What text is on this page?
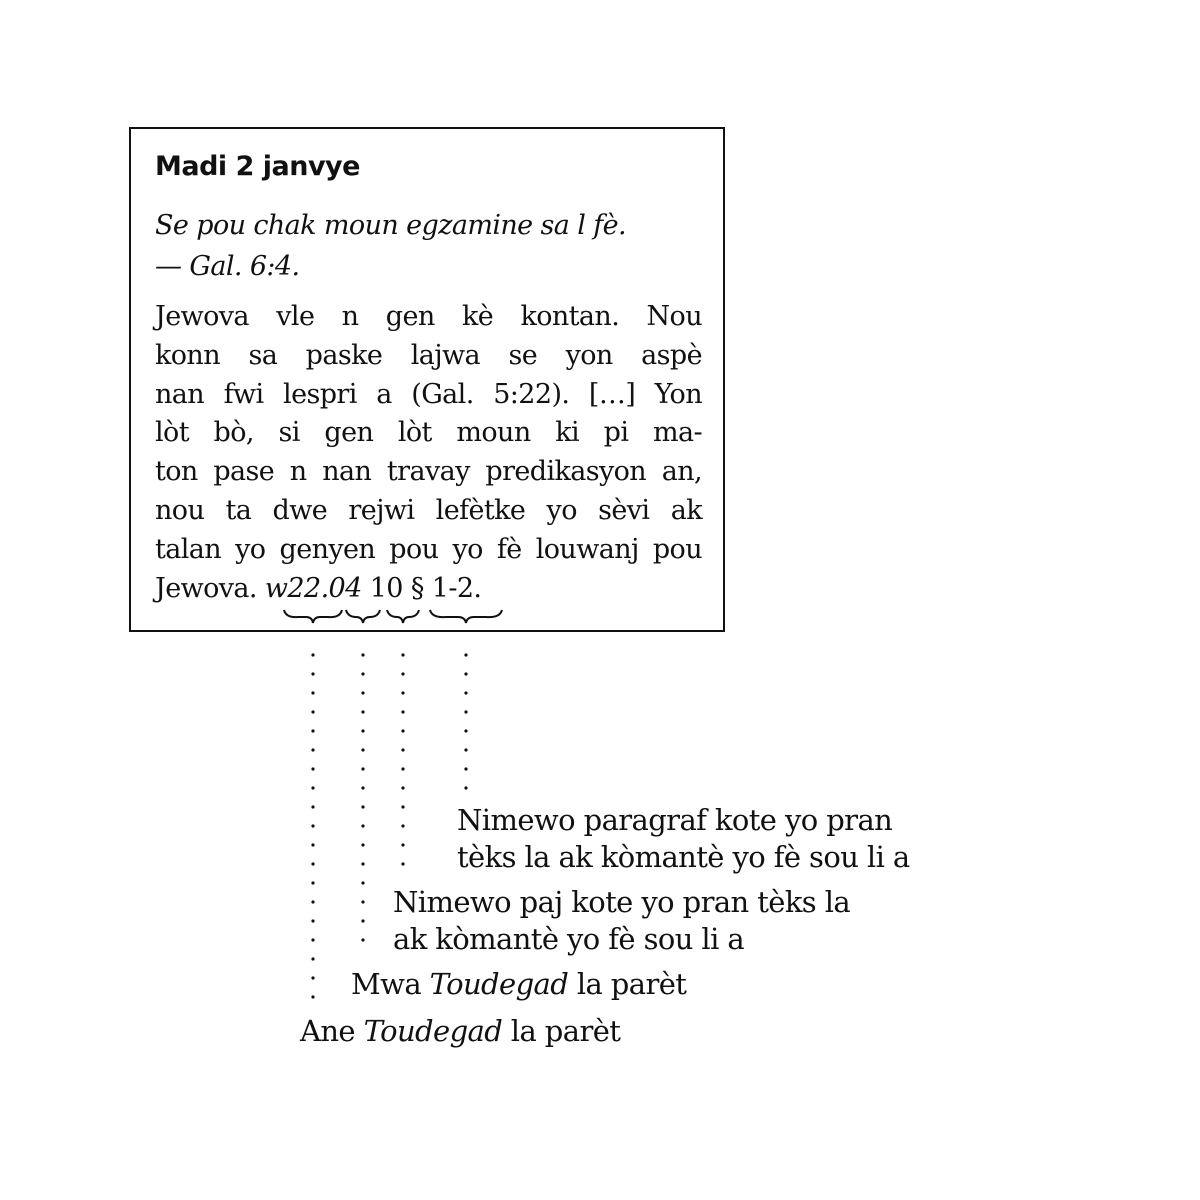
Madi 2 janvye
Se pou chak moun egzamine sa l fè.
— Gal. 6:4.
Jewova vle n gen kè kontan. Nou
konn sa paske lajwa se yon aspè
nan fwi lespri a (Gal. 5:22). […] Yon
lòt bò, si gen lòt moun ki pi ma-
ton pase n nan travay predikasyon an,
nou ta dwe rejwi lefètke yo sèvi ak
talan yo genyen pou yo fè louwanj pou
Jewova. w22.04 10 § 1-2.
Nimewo paragraf kote yo pran
tèks la ak kòmantè yo fè sou li a
Nimewo paj kote yo pran tèks la
ak kòmantè yo fè sou li a
Mwa Toudegad la parèt
Ane Toudegad la parèt
